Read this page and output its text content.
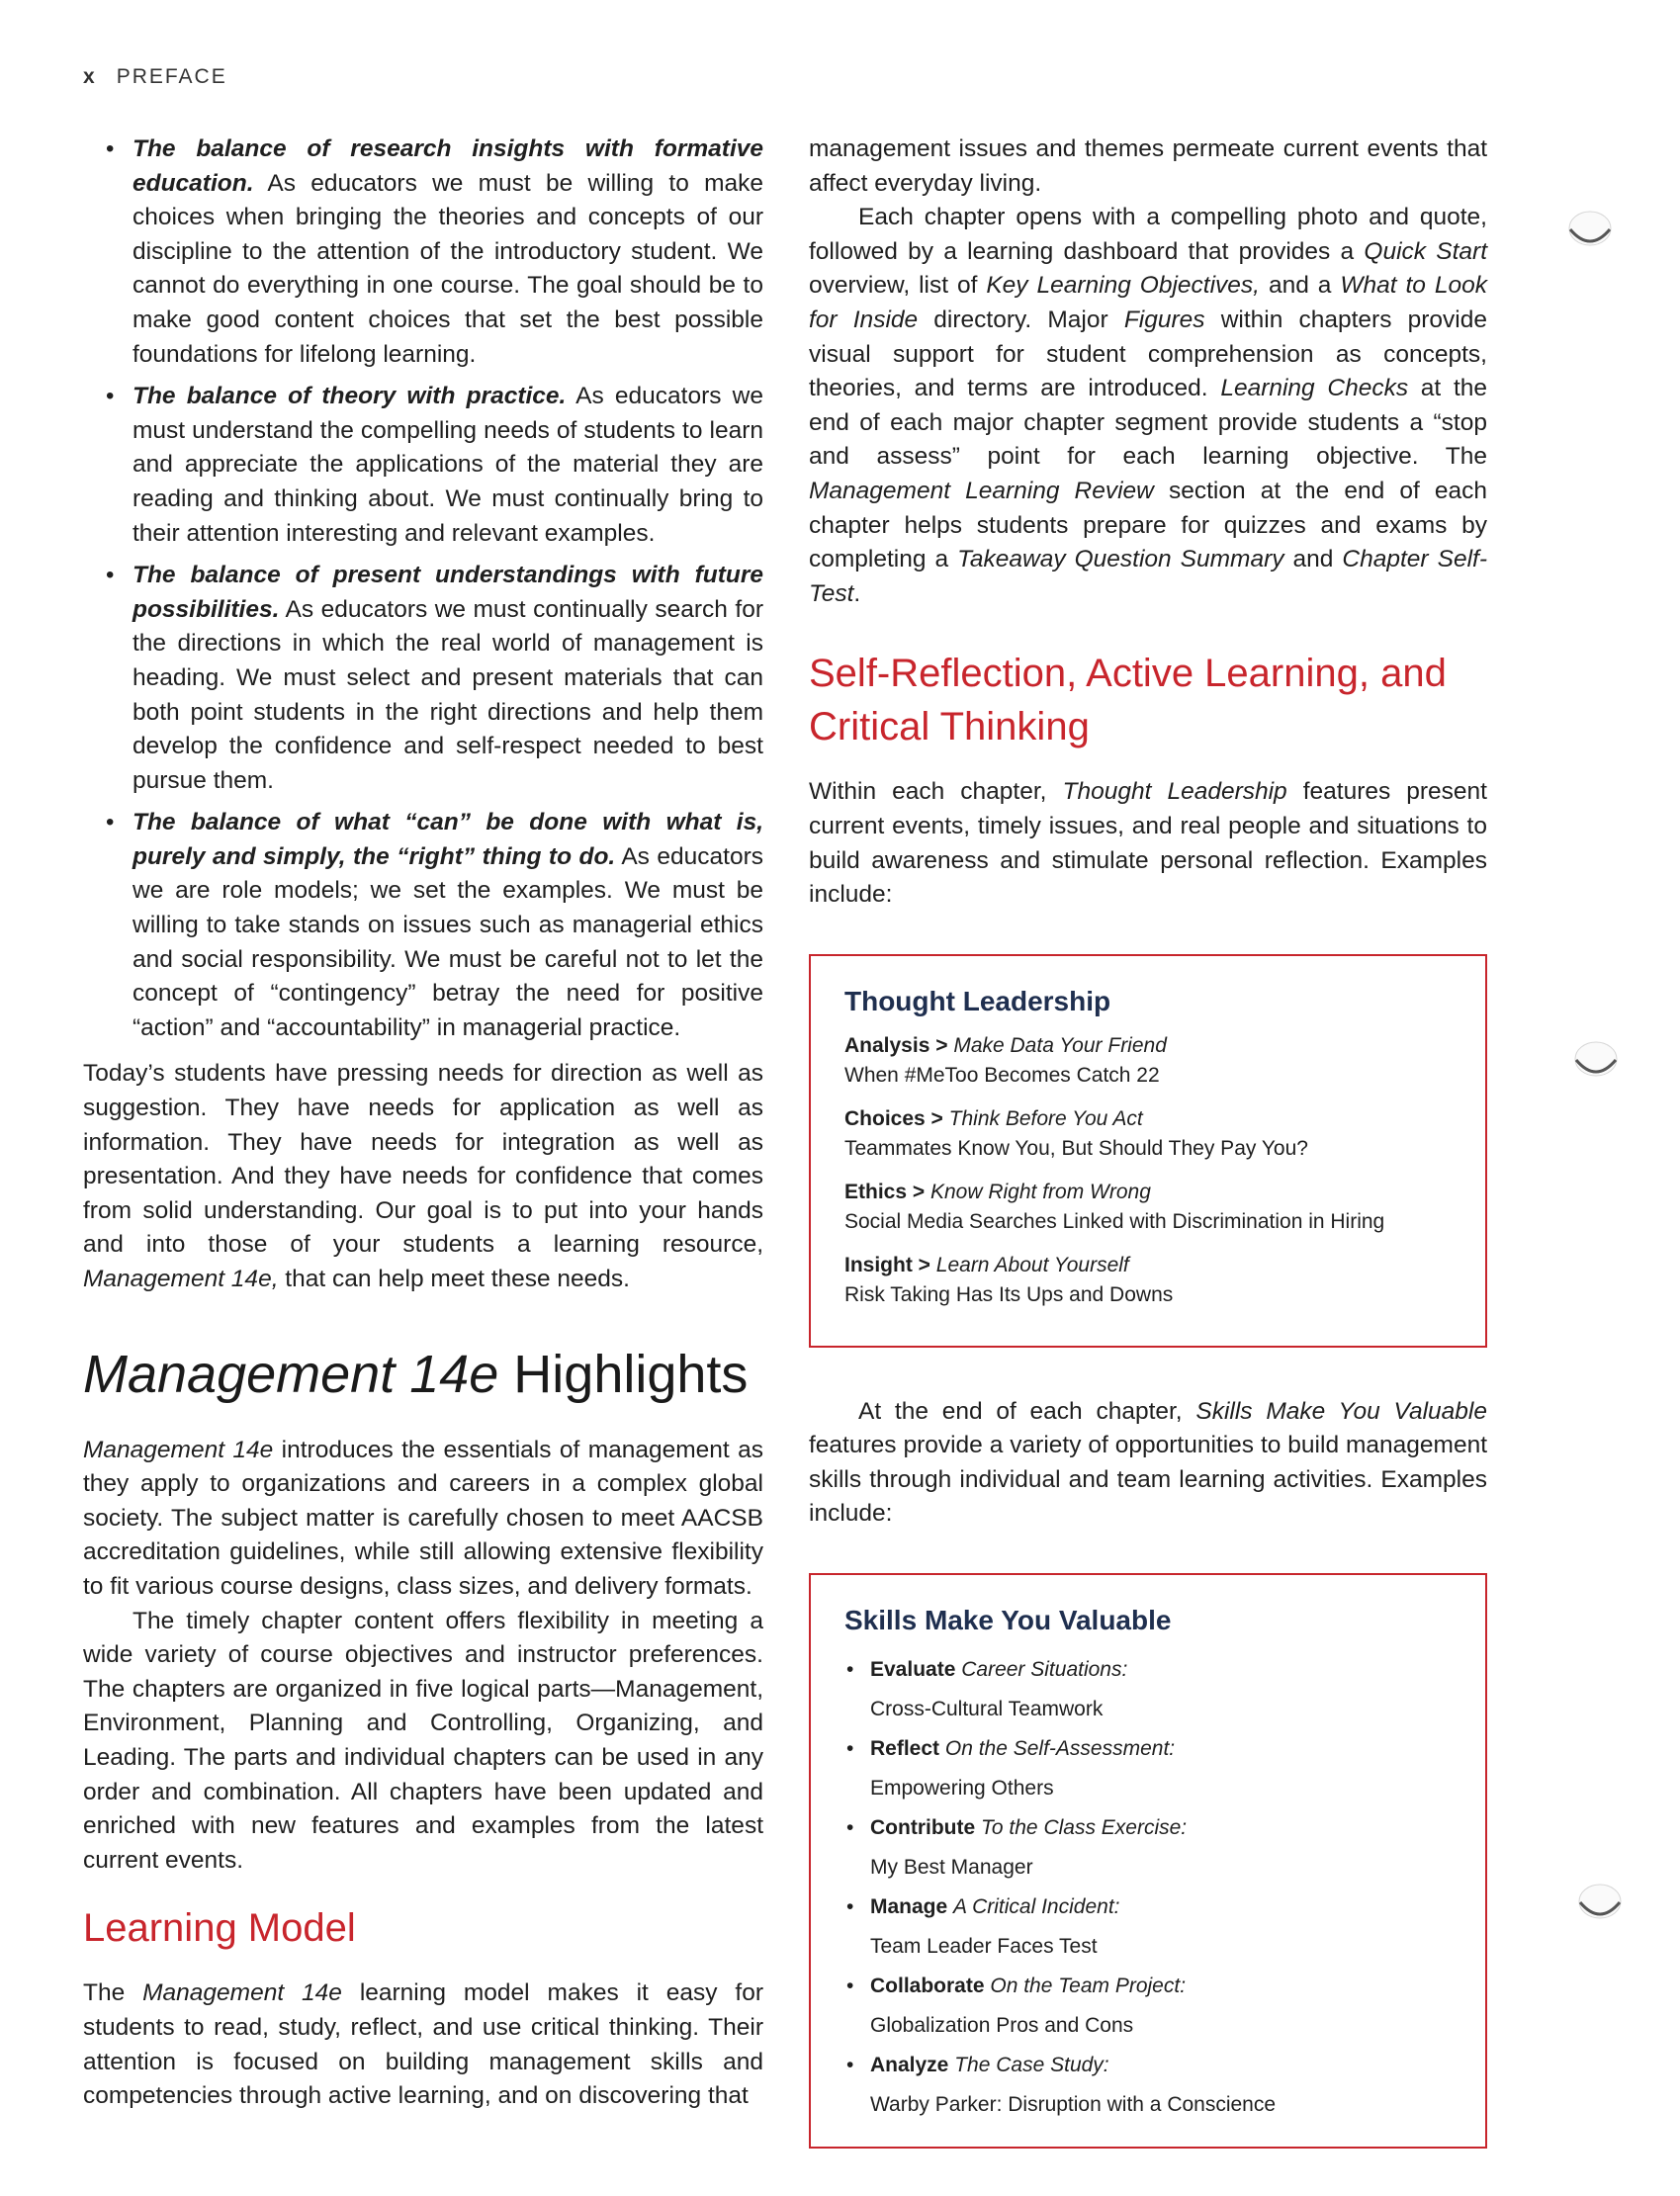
x PREFACE
• The balance of research insights with formative education. As educators we must be willing to make choices when bringing the theories and concepts of our discipline to the attention of the introductory student. We cannot do everything in one course. The goal should be to make good content choices that set the best possible foundations for lifelong learning.
• The balance of theory with practice. As educators we must understand the compelling needs of students to learn and appreciate the applications of the material they are reading and thinking about. We must continually bring to their attention interesting and relevant examples.
• The balance of present understandings with future possibilities. As educators we must continually search for the directions in which the real world of management is heading. We must select and present materials that can both point students in the right directions and help them develop the confidence and self-respect needed to best pursue them.
• The balance of what “can” be done with what is, purely and simply, the “right” thing to do. As educators we are role models; we set the examples. We must be willing to take stands on issues such as managerial ethics and social responsibility. We must be careful not to let the concept of “contingency” betray the need for positive “action” and “accountability” in managerial practice.

Today’s students have pressing needs for direction as well as suggestion. They have needs for application as well as information. They have needs for integration as well as presentation. And they have needs for confidence that comes from solid understanding. Our goal is to put into your hands and into those of your students a learning resource, Management 14e, that can help meet these needs.

Management 14e Highlights

Management 14e introduces the essentials of management as they apply to organizations and careers in a complex global society. The subject matter is carefully chosen to meet AACSB accreditation guidelines, while still allowing extensive flexibility to fit various course designs, class sizes, and delivery formats.

The timely chapter content offers flexibility in meeting a wide variety of course objectives and instructor preferences. The chapters are organized in five logical parts—Management, Environment, Planning and Controlling, Organizing, and Leading. The parts and individual chapters can be used in any order and combination. All chapters have been updated and enriched with new features and examples from the latest current events.

Learning Model

The Management 14e learning model makes it easy for students to read, study, reflect, and use critical thinking. Their attention is focused on building management skills and competencies through active learning, and on discovering that

management issues and themes permeate current events that affect everyday living.

Each chapter opens with a compelling photo and quote, followed by a learning dashboard that provides a Quick Start overview, list of Key Learning Objectives, and a What to Look for Inside directory. Major Figures within chapters provide visual support for student comprehension as concepts, theories, and terms are introduced. Learning Checks at the end of each major chapter segment provide students a “stop and assess” point for each learning objective. The Management Learning Review section at the end of each chapter helps students prepare for quizzes and exams by completing a Takeaway Question Summary and Chapter Self-Test.

Self-Reflection, Active Learning, and Critical Thinking

Within each chapter, Thought Leadership features present current events, timely issues, and real people and situations to build awareness and stimulate personal reflection. Examples include:

Thought Leadership
Analysis > Make Data Your Friend
When #MeToo Becomes Catch 22
Choices > Think Before You Act
Teammates Know You, But Should They Pay You?
Ethics > Know Right from Wrong
Social Media Searches Linked with Discrimination in Hiring
Insight > Learn About Yourself
Risk Taking Has Its Ups and Downs

At the end of each chapter, Skills Make You Valuable features provide a variety of opportunities to build management skills through individual and team learning activities. Examples include:

Skills Make You Valuable
• Evaluate Career Situations:
Cross-Cultural Teamwork
• Reflect On the Self-Assessment:
Empowering Others
• Contribute To the Class Exercise:
My Best Manager
• Manage A Critical Incident:
Team Leader Faces Test
• Collaborate On the Team Project:
Globalization Pros and Cons
• Analyze The Case Study:
Warby Parker: Disruption with a Conscience
